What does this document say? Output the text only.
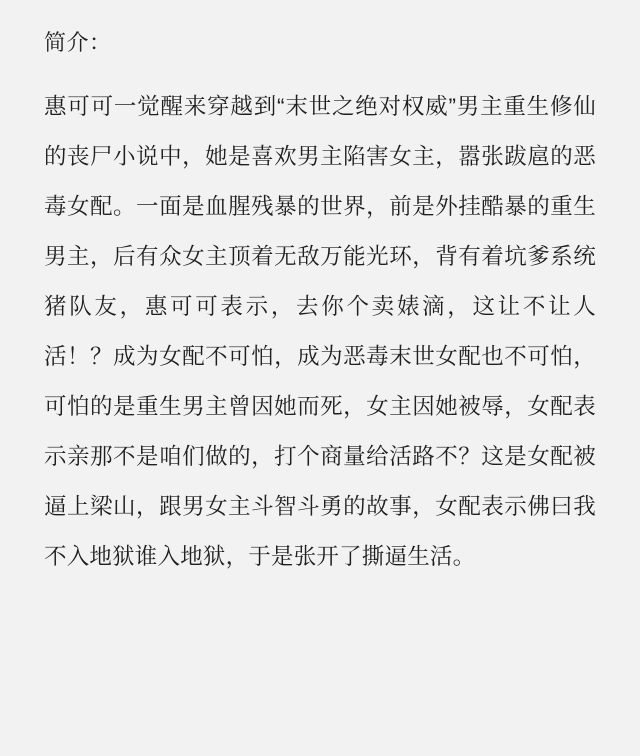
简介：
惠可可一觉醒来穿越到“末世之绝对权威”男主重生修仙的丧尸小说中，她是喜欢男主陷害女主，嚣张跋扈的恶毒女配。一面是血腥残暴的世界，前是外挂酷暴的重生男主，后有众女主顶着无敌万能光环，背有着坑爹系统猪队友，惠可可表示，去你个卖婊滴，这让不让人活！？成为女配不可怕，成为恶毒末世女配也不可怕，可怕的是重生男主曾因她而死，女主因她被辱，女配表示亲那不是咱们做的，打个商量给活路不？这是女配被逼上梁山，跟男女主斗智斗勇的故事，女配表示佛曰我不入地狱谁入地狱，于是张开了撕逼生活。
